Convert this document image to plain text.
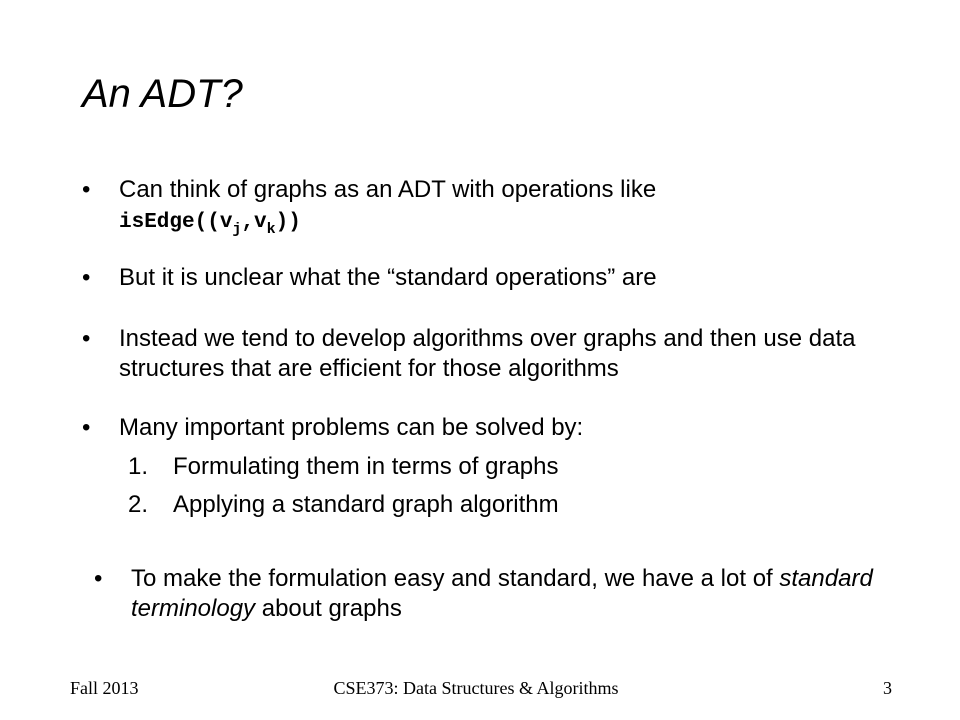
An ADT?
• Can think of graphs as an ADT with operations like
$isEdge((v_j,v_k))$
• But it is unclear what the “standard operations” are
• Instead we tend to develop algorithms over graphs and then use data structures that are efficient for those algorithms
• Many important problems can be solved by:
1. Formulating them in terms of graphs
2. Applying a standard graph algorithm
• To make the formulation easy and standard, we have a lot of standard terminology about graphs
Fall 2013	CSE373: Data Structures & Algorithms	3
